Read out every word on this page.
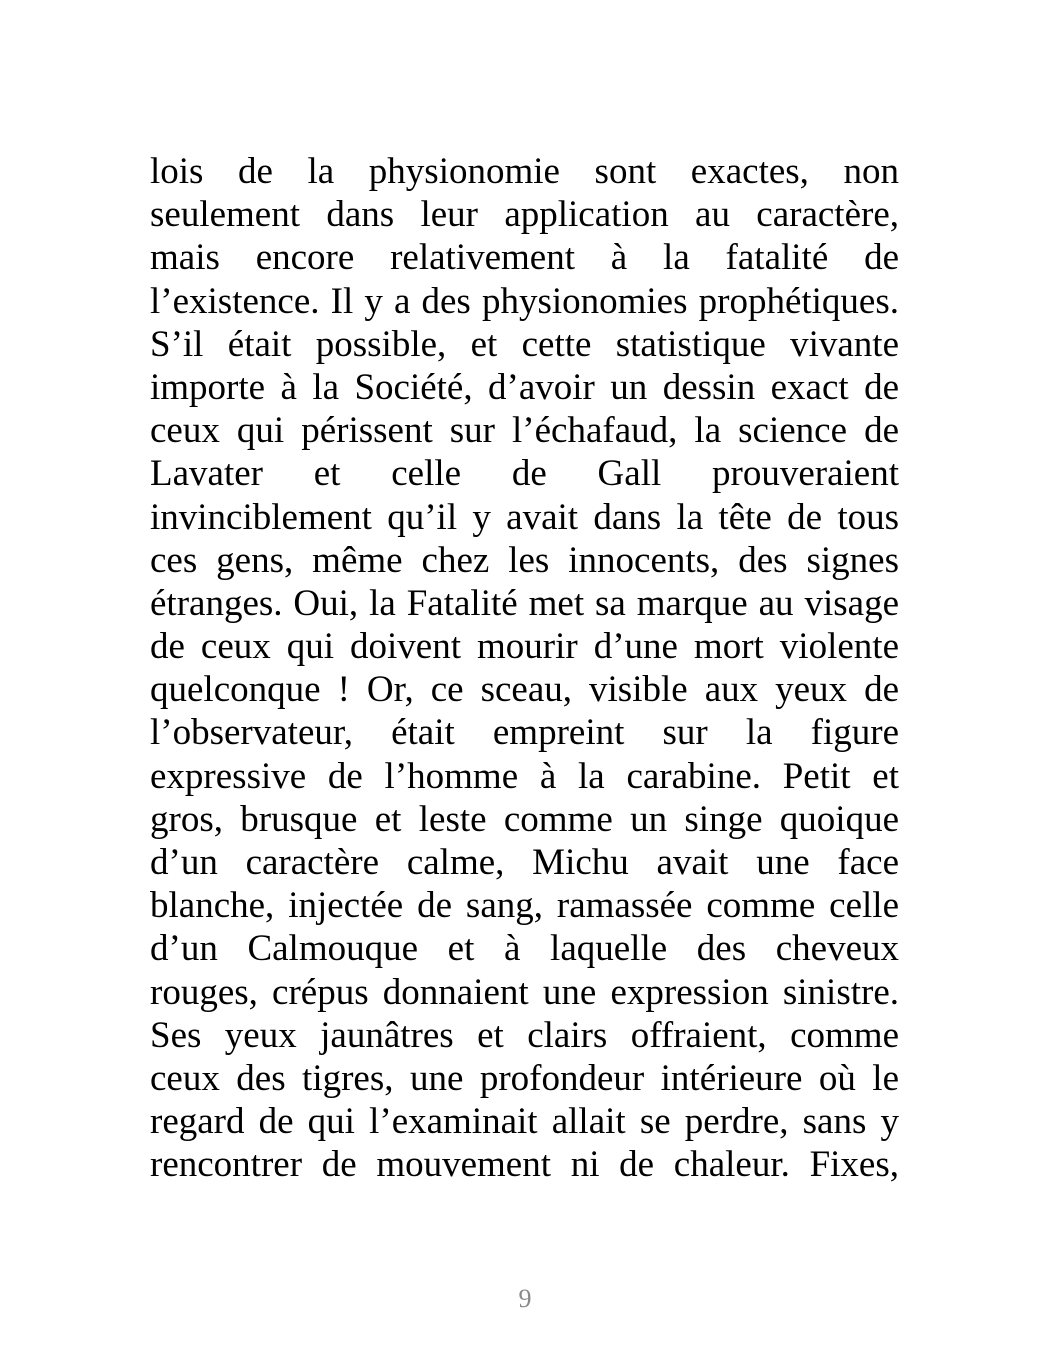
lois de la physionomie sont exactes, non
seulement dans leur application au caractère,
mais encore relativement à la fatalité de
l’existence. Il y a des physionomies prophétiques.
S’il était possible, et cette statistique vivante
importe à la Société, d’avoir un dessin exact de
ceux qui périssent sur l’échafaud, la science de
Lavater et celle de Gall prouveraient
invinciblement qu’il y avait dans la tête de tous
ces gens, même chez les innocents, des signes
étranges. Oui, la Fatalité met sa marque au visage
de ceux qui doivent mourir d’une mort violente
quelconque ! Or, ce sceau, visible aux yeux de
l’observateur, était empreint sur la figure
expressive de l’homme à la carabine. Petit et
gros, brusque et leste comme un singe quoique
d’un caractère calme, Michu avait une face
blanche, injectée de sang, ramassée comme celle
d’un Calmouque et à laquelle des cheveux
rouges, crépus donnaient une expression sinistre.
Ses yeux jaunâtres et clairs offraient, comme
ceux des tigres, une profondeur intérieure où le
regard de qui l’examinait allait se perdre, sans y
rencontrer de mouvement ni de chaleur. Fixes,
9
